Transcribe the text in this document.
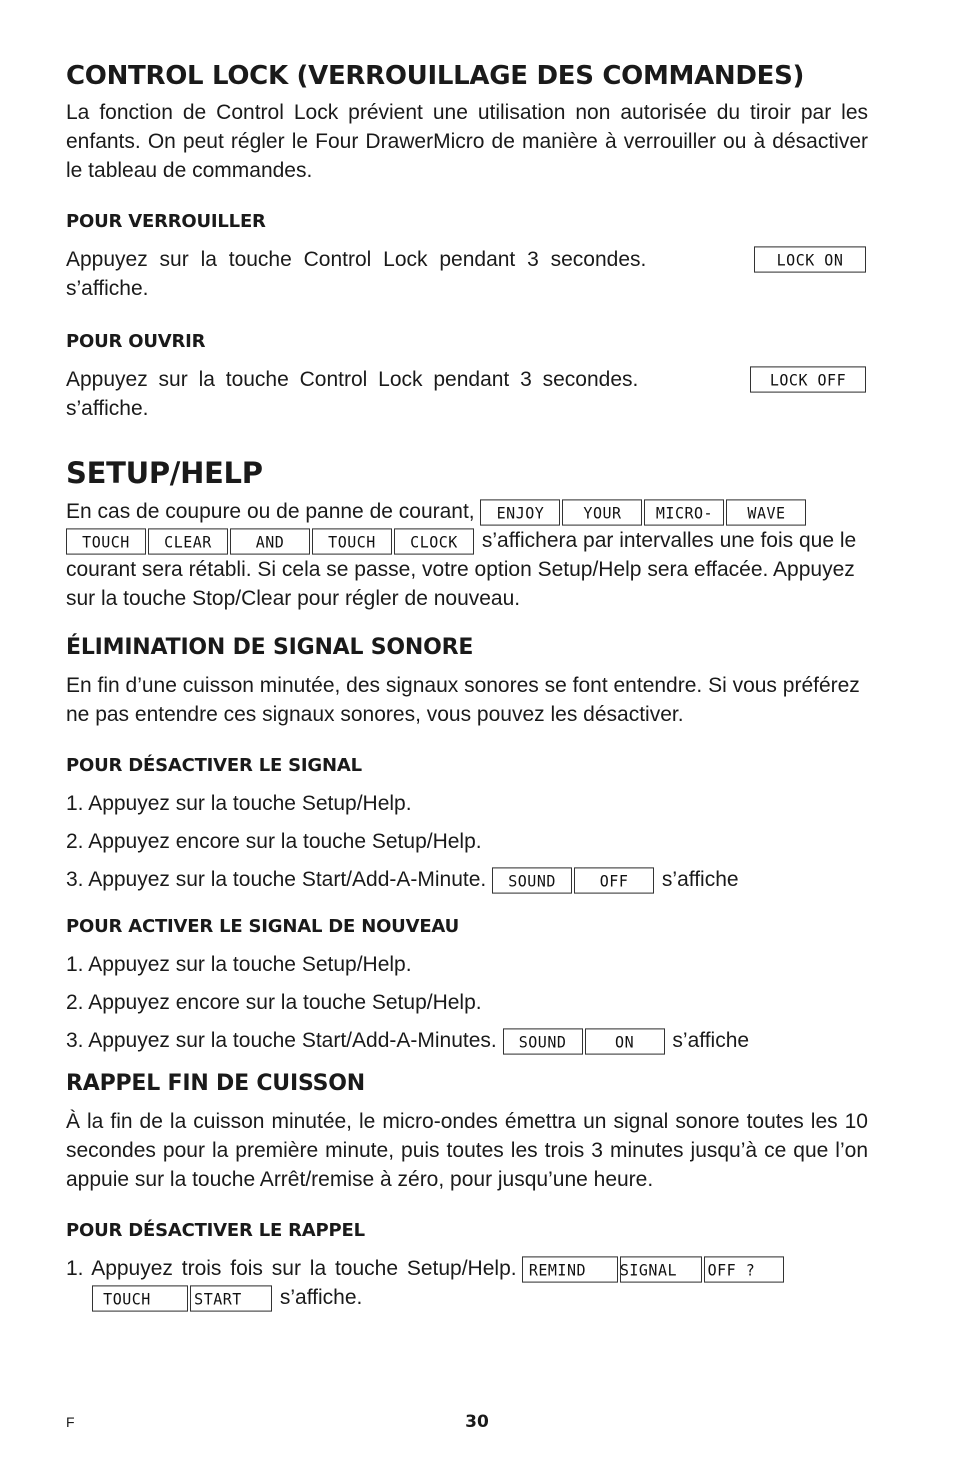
CONTROL LOCK (VERROUILLAGE DES COMMANDES)

La fonction de Control Lock prévient une utilisation non autorisée du tiroir par les enfants. On peut régler le Four DrawerMicro de manière à verrouiller ou à désactiver le tableau de commandes.

POUR VERROUILLER

LOCK ON
Appuyez sur la touche Control Lock pendant 3 secondes.
s’affiche.

POUR OUVRIR

LOCK OFF
Appuyez sur la touche Control Lock pendant 3 secondes.
s’affiche.

SETUP/HELP

En cas de coupure ou de panne de courant, ENJOY	YOUR MICRO- WAVE
TOUCH CLEAR	AND	TOUCH CLOCK s’affichera par intervalles une fois que le courant sera rétabli. Si cela se passe, votre option Setup/Help sera effacée. Appuyez sur la touche Stop/Clear pour régler de nouveau.

ÉLIMINATION DE SIGNAL SONORE

En fin d’une cuisson minutée, des signaux sonores se font entendre. Si vous préférez ne pas entendre ces signaux sonores, vous pouvez les désactiver.

POUR DÉSACTIVER LE SIGNAL
1. Appuyez sur la touche Setup/Help.
2. Appuyez encore sur la touche Setup/Help.
3. Appuyez sur la touche Start/Add-A-Minute. SOUND	OFF s’affiche
POUR ACTIVER LE SIGNAL DE NOUVEAU
1. Appuyez sur la touche Setup/Help.
2. Appuyez encore sur la touche Setup/Help.
3. Appuyez sur la touche Start/Add-A-Minutes. SOUND	ON s’affiche
RAPPEL FIN DE CUISSON

À la fin de la cuisson minutée, le micro-ondes émettra un signal sonore toutes les 10 secondes pour la première minute, puis toutes les trois 3 minutes jusqu’à ce que l’on appuie sur la touche Arrêt/remise à zéro, pour jusqu’une heure.

POUR DÉSACTIVER LE RAPPEL
1. Appuyez trois fois sur la touche Setup/Help. REMIND SIGNAL OFF ?
TOUCH	START s’affiche.
F	30
